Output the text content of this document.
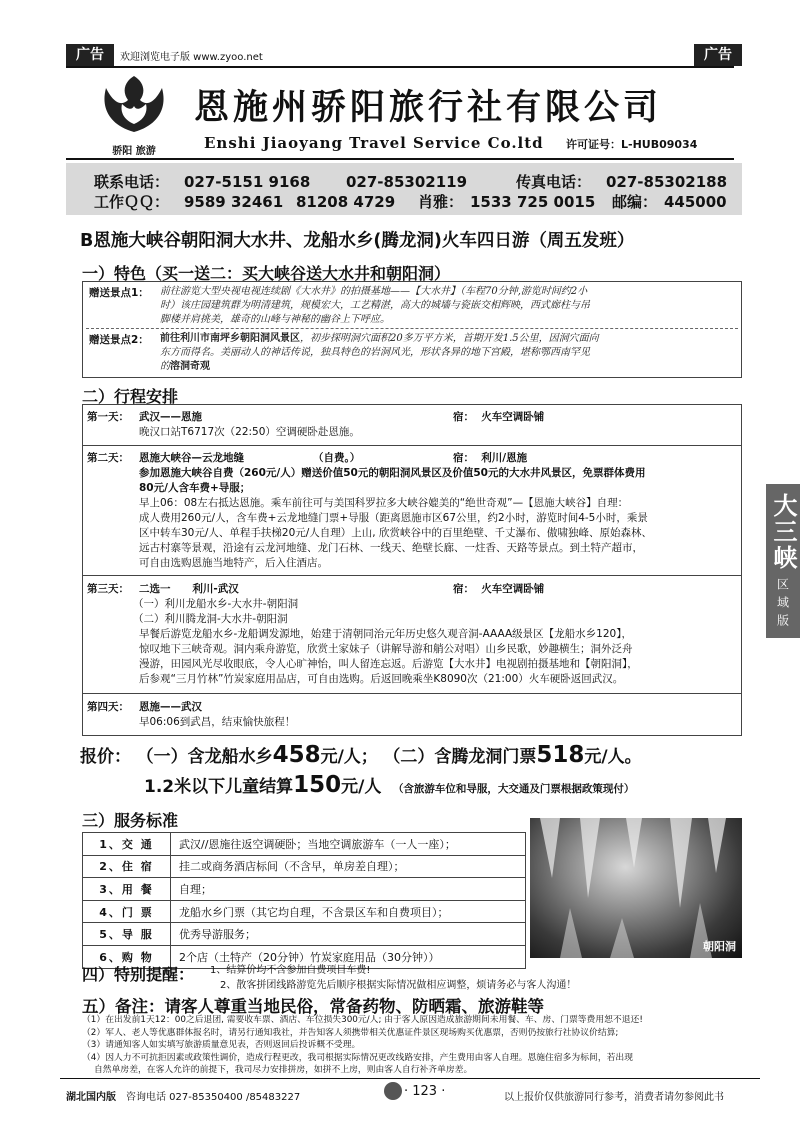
广告	广告
欢迎浏览电子版 www.zyoo.net
骄阳 旅游
恩施州骄阳旅行社有限公司
Enshi Jiaoyang Travel Service Co.ltd 许可证号：L-HUB09034
联系电话： 027-5151 9168 027-85302119	传真电话： 027-85302188
工作ＱＱ： 9589 32461 81208 4729 肖雅： 1533 725 0015 邮编： 445000
B恩施大峡谷朝阳洞大水井、龙船水乡(腾龙洞)火车四日游（周五发班）
一）特色（买一送二：买大峡谷送大水井和朝阳洞）
赠送景点1： 前往游览大型央视电视连续剧《大水井》的拍摄基地——【大水井】（车程70分钟,游览时间约2小
时）该庄园建筑群为明清建筑，规模宏大，工艺精湛，高大的城墙与瓷嵌交相辉映，西式廊柱与吊
脚楼并肩挑美，雄奇的山峰与神秘的幽谷上下呼应。
赠送景点2： 前往利川市南坪乡朝阳洞风景区，初步探明洞穴面积20多万平方米，首期开发1.5公里，因洞穴面向
东方而得名。美丽动人的神话传说，独具特色的岩洞风光，形状各异的地下宫殿，堪称鄂西南罕见
的溶洞奇观
二）行程安排
第一天： 武汉——恩施	宿：  火车空调卧铺
晚汉口站T6717次（22:50）空调硬卧赴恩施。
第二天： 恩施大峡谷—云龙地缝	（自费。）	宿：  利川/恩施
参加恩施大峡谷自费（260元/人）赠送价值50元的朝阳洞风景区及价值50元的大水井风景区，免票群体费用
80元/人含车费+导服；
早上06：08左右抵达恩施。乘车前往可与美国科罗拉多大峡谷媲美的“绝世奇观”—【恩施大峡谷】自理：
成人费用260元/人，含车费+云龙地缝门票+导服（距离恩施市区67公里，约2小时，游览时间4-5小时，乘景
区中转车30元/人、单程手扶梯20元/人自理）上山, 欣赏峡谷中的百里绝壁、千丈瀑布、傲啸独峰、原始森林、
远古村寨等景观，沿途有云龙河地缝、龙门石林、一线天、绝壁长廊、一炷香、天路等景点。到土特产超市，
可自由选购恩施当地特产，后入住酒店。
第三天： 二选一      利川-武汉	宿：  火车空调卧铺
（一）利川龙船水乡-大水井-朝阳洞
（二）利川腾龙洞-大水井-朝阳洞
早餐后游览龙船水乡-龙船调发源地，始建于清朝同治元年历史悠久观音洞-AAAA级景区【龙船水乡120】，
惊叹地下三峡奇观。洞内乘舟游览，欣赏土家妹子（讲解导游和艄公对唱）山乡民歌，妙趣横生；洞外泛舟
漫游，田园风光尽收眼底，令人心旷神怡，叫人留连忘返。后游览【大水井】电视剧拍摄基地和【朝阳洞】，
后参观“三月竹林”竹炭家庭用品店，可自由选购。后返回晚乘坐K8090次（21:00）火车硬卧返回武汉。
第四天： 恩施——武汉
早06:06到武昌，结束愉快旅程！
报价： （一）含龙船水乡458元/人； （二）含腾龙洞门票518元/人。
1.2米以下儿童结算150元/人 （含旅游车位和导服，大交通及门票根据政策现付）
三）服务标准
1、交 通	武汉//恩施往返空调硬卧；当地空调旅游车（一人一座）；
2、住 宿	挂二或商务酒店标间（不含早，单房差自理）；
3、用 餐	自理；
4、门 票	龙船水乡门票（其它均自理，不含景区车和自费项目）；
5、导 服	优秀导游服务；
6、购 物	2个店（土特产（20分钟）竹炭家庭用品（30分钟））
朝阳洞
四）特别提醒： 1、结算价均不含参加自费项目车费!
2、散客拼团线路游览先后顺序根据实际情况做相应调整，烦请务必与客人沟通！
五）备注：请客人尊重当地民俗，常备药物、防晒霜、旅游鞋等
（1）在出发前1天12：00之后退团, 需要收车票、酒店、车位损失300元/人; 由于客人原因造成旅游期间未用餐、车、房、门票等费用恕不退还!
（2）军人、老人等优惠群体报名时，请另行通知我社，并告知客人须携带相关优惠证件景区现场购买优惠票，否则仍按旅行社协议价结算;
（3）请通知客人如实填写旅游质量意见表，否则返回后投诉概不受理。
（4）因人力不可抗拒因素或政策性调价，造成行程更改，我司根据实际情况更改线路安排，产生费用由客人自理。恩施住宿多为标间，若出现
自然单房差，在客人允许的前提下，我司尽力安排拼房，如拼不上房，则由客人自行补齐单房差。
湖北国内版 咨询电话 027-85350400 /85483227	· 123 ·	以上报价仅供旅游同行参考，消费者请勿参阅此书
大三峡
区域版
